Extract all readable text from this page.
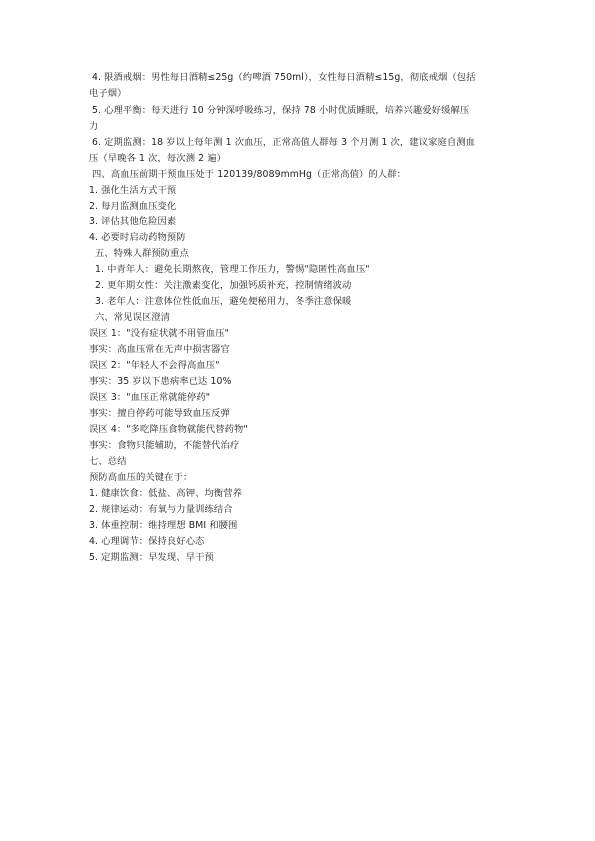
4. 限酒戒烟：男性每日酒精≤25g（约啤酒 750ml），女性每日酒精≤15g，彻底戒烟（包括
电子烟）
5. 心理平衡：每天进行 10 分钟深呼吸练习，保持 78 小时优质睡眠，培养兴趣爱好缓解压
力
6. 定期监测：18 岁以上每年测 1 次血压，正常高值人群每 3 个月测 1 次，建议家庭自测血
压（早晚各 1 次，每次测 2 遍）
四、高血压前期干预血压处于 120139/8089mmHg（正常高值）的人群：
1. 强化生活方式干预
2. 每月监测血压变化
3. 评估其他危险因素
4. 必要时启动药物预防
五、特殊人群预防重点
1. 中青年人：避免长期熬夜，管理工作压力，警惕"隐匿性高血压"
2. 更年期女性：关注激素变化，加强钙质补充，控制情绪波动
3. 老年人：注意体位性低血压，避免便秘用力，冬季注意保暖
六、常见误区澄清
误区 1："没有症状就不用管血压"
事实：高血压常在无声中损害器官
误区 2："年轻人不会得高血压"
事实：35 岁以下患病率已达 10%
误区 3："血压正常就能停药"
事实：擅自停药可能导致血压反弹
误区 4："多吃降压食物就能代替药物"
事实：食物只能辅助，不能替代治疗
七、总结
预防高血压的关键在于：
1. 健康饮食：低盐、高钾、均衡营养
2. 规律运动：有氧与力量训练结合
3. 体重控制：维持理想 BMI 和腰围
4. 心理调节：保持良好心态
5. 定期监测：早发现、早干预
